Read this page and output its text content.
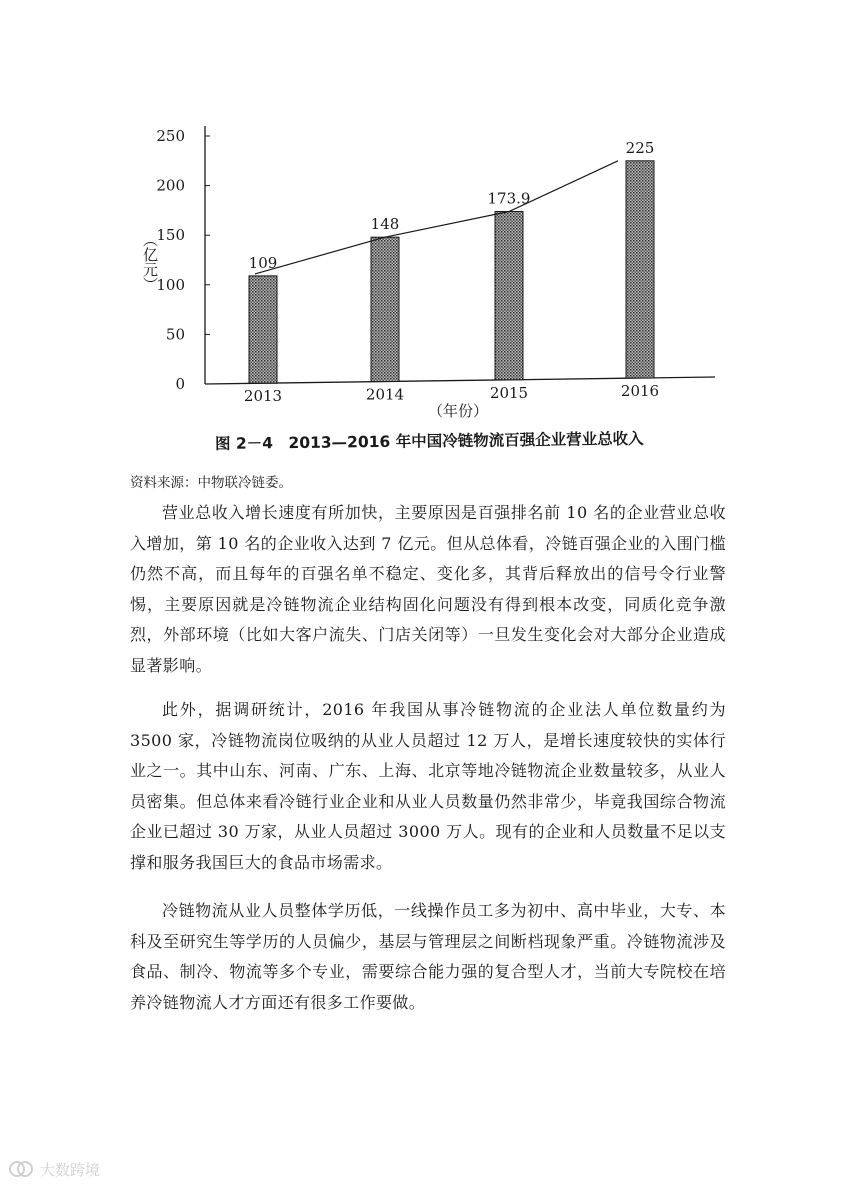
109
148
173.9
225
2013	2014	2015	2016
0
50
100
150
200
250
（亿元）
（年份）
图 2－4　2013—2016 年中国冷链物流百强企业营业总收入
资料来源：中物联冷链委。

营业总收入增长速度有所加快，主要原因是百强排名前 10 名的企业营业总收入增加，第 10 名的企业收入达到 7 亿元。但从总体看，冷链百强企业的入围门槛仍然不高，而且每年的百强名单不稳定、变化多，其背后释放出的信号令行业警惕，主要原因就是冷链物流企业结构固化问题没有得到根本改变，同质化竞争激烈，外部环境（比如大客户流失、门店关闭等）一旦发生变化会对大部分企业造成显著影响。

此外，据调研统计，2016 年我国从事冷链物流的企业法人单位数量约为 3500 家，冷链物流岗位吸纳的从业人员超过 12 万人，是增长速度较快的实体行业之一。其中山东、河南、广东、上海、北京等地冷链物流企业数量较多，从业人员密集。但总体来看冷链行业企业和从业人员数量仍然非常少，毕竟我国综合物流企业已超过 30 万家，从业人员超过 3000 万人。现有的企业和人员数量不足以支撑和服务我国巨大的食品市场需求。

冷链物流从业人员整体学历低，一线操作员工多为初中、高中毕业，大专、本科及至研究生等学历的人员偏少，基层与管理层之间断档现象严重。冷链物流涉及食品、制冷、物流等多个专业，需要综合能力强的复合型人才，当前大专院校在培养冷链物流人才方面还有很多工作要做。

大数跨境
